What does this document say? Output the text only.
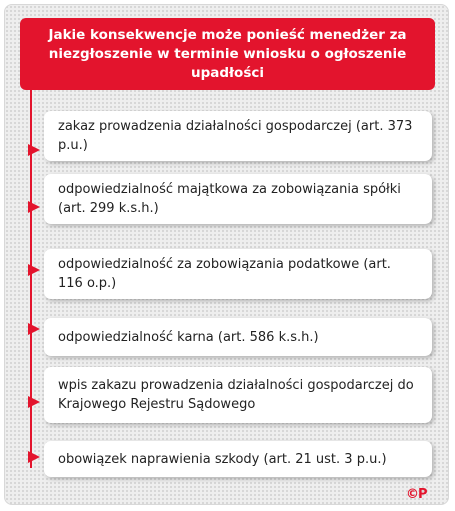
Jakie konsekwencje może ponieść menedżer za niezgłoszenie w terminie wniosku o ogłoszenie upadłości
zakaz prowadzenia działalności gospodarczej (art. 373 p.u.)
odpowiedzialność majątkowa za zobowiązania spółki (art. 299 k.s.h.)
odpowiedzialność za zobowiązania podatkowe (art. 116 o.p.)
odpowiedzialność karna (art. 586 k.s.h.)
wpis zakazu prowadzenia działalności gospodarczej do Krajowego Rejestru Sądowego
obowiązek naprawienia szkody (art. 21 ust. 3 p.u.)
©P
